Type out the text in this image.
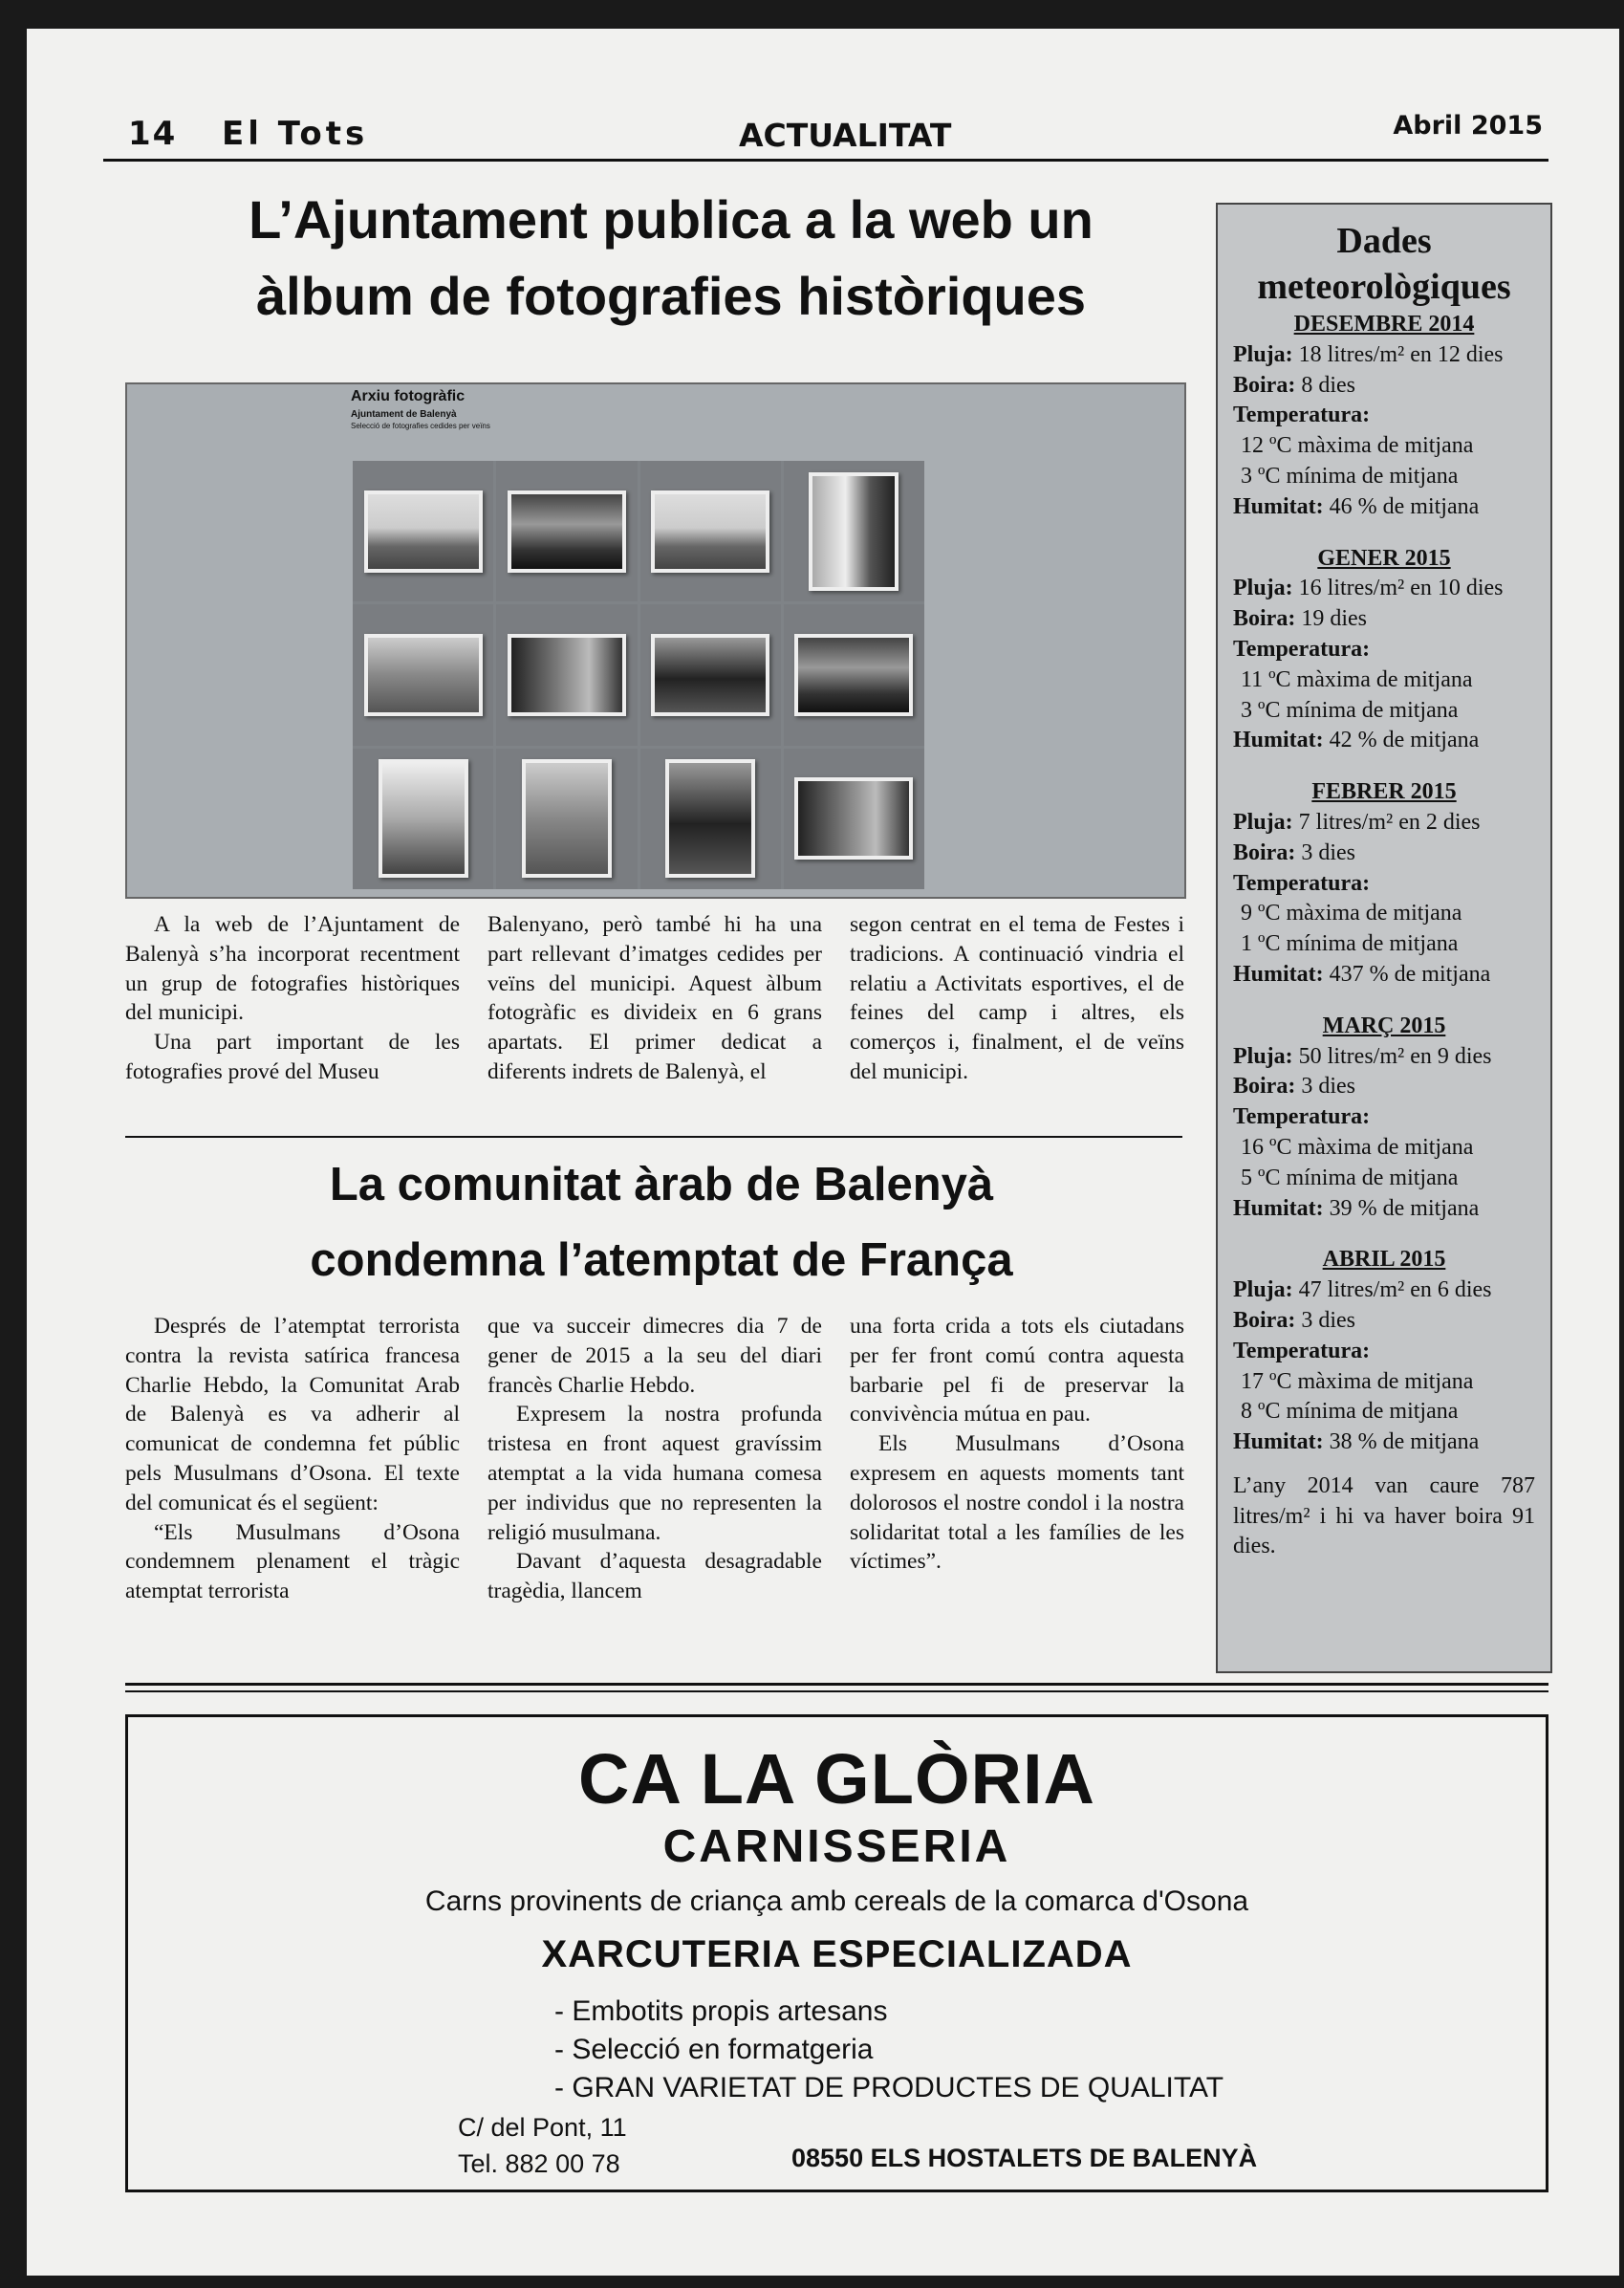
14 El Tots	ACTUALITAT	Abril 2015
L’Ajuntament publica a la web un
àlbum de fotografies històriques
Arxiu fotogràfic
Ajuntament de Balenyà
Selecció de fotografies cedides per veïns

A la web de l’Ajuntament de Balenyà s’ha incorporat recentment un grup de fotografies històriques del municipi.

Una part important de les fotografies prové del Museu

Balenyano, però també hi ha una part rellevant d’imatges cedides per veïns del municipi. Aquest àlbum fotogràfic es divideix en 6 grans apartats. El primer dedicat a diferents indrets de Balenyà, el

segon centrat en el tema de Festes i tradicions. A continuació vindria el relatiu a Activitats esportives, el de feines del camp i altres, els comerços i, finalment, el de veïns del municipi.

La comunitat àrab de Balenyà
condemna l’atemptat de França

Després de l’atemptat terrorista contra la revista satírica francesa Charlie Hebdo, la Comunitat Arab de Balenyà es va adherir al comunicat de condemna fet públic pels Musulmans d’Osona. El texte del comunicat és el següent:

“Els Musulmans d’Osona condemnem plenament el tràgic atemptat terrorista

que va succeir dimecres dia 7 de gener de 2015 a la seu del diari francès Charlie Hebdo.

Expresem la nostra profunda tristesa en front aquest gravíssim atemptat a la vida humana comesa per individus que no representen la religió musulmana.

Davant d’aquesta desagradable tragèdia, llancem

una forta crida a tots els ciutadans per fer front comú contra aquesta barbarie pel fi de preservar la convivència mútua en pau.

Els Musulmans d’Osona expresem en aquests moments tant dolorosos el nostre condol i la nostra solidaritat total a les famílies de les víctimes”.

Dades
meteorològiques
DESEMBRE 2014
Pluja: 18 litres/m² en 12 dies
Boira: 8 dies
Temperatura:
12 ºC màxima de mitjana
3 ºC mínima de mitjana
Humitat: 46 % de mitjana
GENER 2015
Pluja: 16 litres/m² en 10 dies
Boira: 19 dies
Temperatura:
11 ºC màxima de mitjana
3 ºC mínima de mitjana
Humitat: 42 % de mitjana
FEBRER 2015
Pluja: 7 litres/m² en 2 dies
Boira: 3 dies
Temperatura:
9 ºC màxima de mitjana
1 ºC mínima de mitjana
Humitat: 437 % de mitjana
MARÇ 2015
Pluja: 50 litres/m² en 9 dies
Boira: 3 dies
Temperatura:
16 ºC màxima de mitjana
5 ºC mínima de mitjana
Humitat: 39 % de mitjana
ABRIL 2015
Pluja: 47 litres/m² en 6 dies
Boira: 3 dies
Temperatura:
17 ºC màxima de mitjana
8 ºC mínima de mitjana
Humitat: 38 % de mitjana
L’any 2014 van caure 787 litres/m² i hi va haver boira 91 dies.
CA LA GLÒRIA
CARNISSERIA
Carns provinents de criança amb cereals de la comarca d'Osona
XARCUTERIA ESPECIALIZADA
- Embotits propis artesans
- Selecció en formatgeria
- GRAN VARIETAT DE PRODUCTES DE QUALITAT
C/ del Pont, 11
Tel. 882 00 78	08550 ELS HOSTALETS DE BALENYÀ
